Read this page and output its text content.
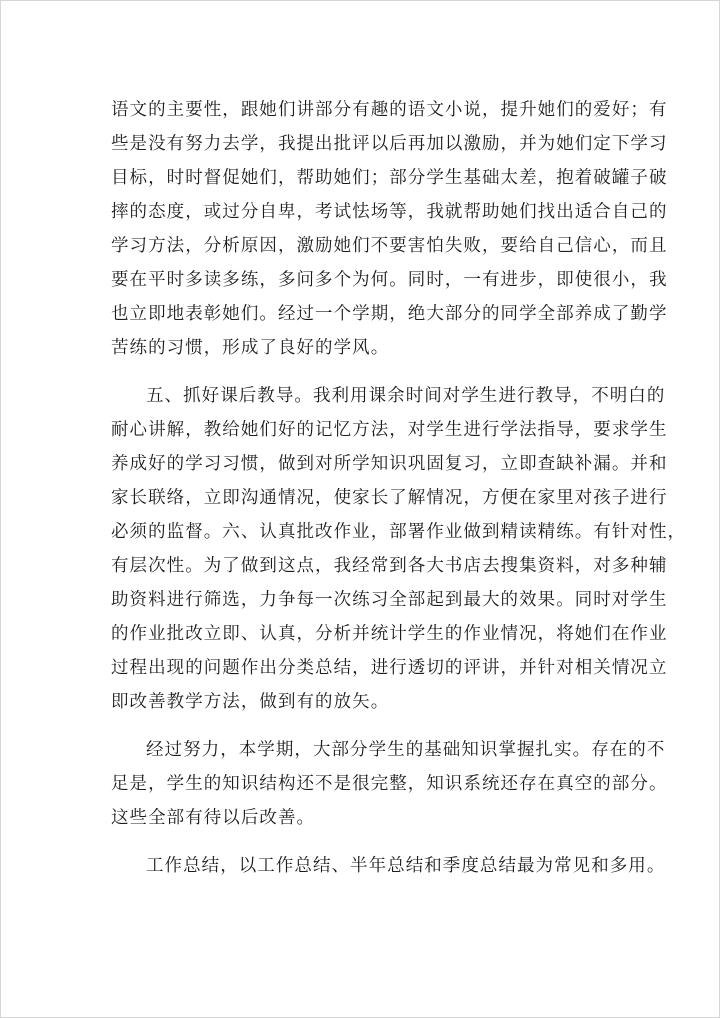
语文的主要性，跟她们讲部分有趣的语文小说，提升她们的爱好；有
些是没有努力去学，我提出批评以后再加以激励，并为她们定下学习
目标，时时督促她们，帮助她们；部分学生基础太差，抱着破罐子破
摔的态度，或过分自卑，考试怯场等，我就帮助她们找出适合自己的
学习方法，分析原因，激励她们不要害怕失败，要给自己信心，而且
要在平时多读多练，多问多个为何。同时，一有进步，即使很小，我
也立即地表彰她们。经过一个学期，绝大部分的同学全部养成了勤学
苦练的习惯，形成了良好的学风。
五、抓好课后教导。我利用课余时间对学生进行教导，不明白的
耐心讲解，教给她们好的记忆方法，对学生进行学法指导，要求学生
养成好的学习习惯，做到对所学知识巩固复习，立即查缺补漏。并和
家长联络，立即沟通情况，使家长了解情况，方便在家里对孩子进行
必须的监督。六、认真批改作业，部署作业做到精读精练。有针对性，
有层次性。为了做到这点，我经常到各大书店去搜集资料，对多种辅
助资料进行筛选，力争每一次练习全部起到最大的效果。同时对学生
的作业批改立即、认真，分析并统计学生的作业情况，将她们在作业
过程出现的问题作出分类总结，进行透切的评讲，并针对相关情况立
即改善教学方法，做到有的放矢。
经过努力，本学期，大部分学生的基础知识掌握扎实。存在的不
足是，学生的知识结构还不是很完整，知识系统还存在真空的部分。
这些全部有待以后改善。
工作总结，以工作总结、半年总结和季度总结最为常见和多用。
